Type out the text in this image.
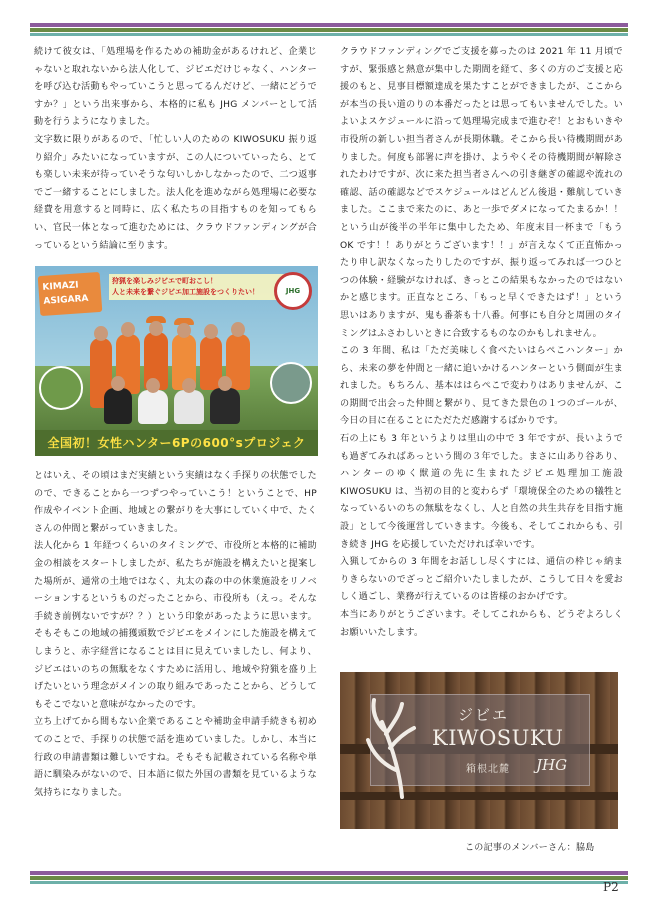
続けて彼女は、「処理場を作るための補助金があるけれど、企業じゃないと取れないから法人化して、ジビエだけじゃなく、ハンターを呼び込む活動もやっていこうと思ってるんだけど、一緒にどうですか？」という出来事から、本格的に私も JHG メンバーとして活動を行うようになりました。

文字数に限りがあるので、「忙しい人のための KIWOSUKU 振り返り紹介」みたいになっていますが、この人についていったら、とても楽しい未来が待っていそうな匂いしかしなかったので、二つ返事でご一緒することにしました。法人化を進めながら処理場に必要な経費を用意すると同時に、広く私たちの目指すものを知ってもらい、官民一体となって進むためには、クラウドファンディングが合っているという結論に至ります。

KIMAZI
ASIGARA
狩猟を楽しみジビエで町おこし！
人と未来を繋ぐジビエ加工施設をつくりたい！	JHG
全国初！女性ハンター6Pの600°sプロジェク

とはいえ、その頃はまだ実績という実績はなく手探りの状態でしたので、できることから一つずつやっていこう！ということで、HP 作成やイベント企画、地域との繋がりを大事にしていく中で、たくさんの仲間と繋がっていきました。

法人化から 1 年経つくらいのタイミングで、市役所と本格的に補助金の相談をスタートしましたが、私たちが施設を構えたいと提案した場所が、通常の土地ではなく、丸太の森の中の休業施設をリノベーションするというものだったことから、市役所も（えっ。そんな手続き前例ないですが？？）という印象があったように思います。そもそもこの地域の捕獲頭数でジビエをメインにした施設を構えてしまうと、赤字経営になることは目に見えていましたし、何より、ジビエはいのちの無駄をなくすために活用し、地域や狩猟を盛り上げたいという理念がメインの取り組みであったことから、どうしてもそこでないと意味がなかったのです。

立ち上げてから間もない企業であることや補助金申請手続きも初めてのことで、手探りの状態で話を進めていました。しかし、本当に行政の申請書類は難しいですね。そもそも記載されている名称や単語に馴染みがないので、日本語に似た外国の書類を見ているような気持ちになりました。

クラウドファンディングでご支援を募ったのは 2021 年 11 月頃ですが、緊張感と熱意が集中した期間を経て、多くの方のご支援と応援のもと、見事目標額達成を果たすことができましたが、ここからが本当の長い道のりの本番だったとは思ってもいませんでした。いよいよスケジュールに沿って処理場完成まで進むぞ！とおもいきや市役所の新しい担当者さんが長期休職。そこから長い待機期間がありました。何度も部署に声を掛け、ようやくその待機期間が解除されたわけですが、次に来た担当者さんへの引き継ぎの確認や流れの確認、話の確認などでスケジュールはどんどん後退・難航していきました。ここまで来たのに、あと一歩でダメになってたまるか！！という山が後半の半年に集中したため、年度末目一杯まで「もう OK です！！ありがとうございます！！」が言えなくて正直怖かったり申し訳なくなったりしたのですが、振り返ってみれば一つひとつの体験・経験がなければ、きっとこの結果もなかったのではないかと感じます。正直なところ、「もっと早くできたはず！」という思いはありますが、鬼も番茶も十八番。何事にも自分と周囲のタイミングはふさわしいときに合致するものなのかもしれません。

この 3 年間、私は「ただ美味しく食べたいはらぺこハンター」から、未来の夢を仲間と一緒に追いかけるハンターという側面が生まれました。もちろん、基本ははらぺこで変わりはありませんが、この期間で出会った仲間と繋がり、見てきた景色の１つのゴールが、今日の目に在ることにただただ感謝するばかりです。

石の上にも 3 年というよりは里山の中で 3 年ですが、長いようでも過ぎてみればあっという間の３年でした。まさに山あり谷あり、ハンターのゆく獣道の先に生まれたジビエ処理加工施設 KIWOSUKU は、当初の目的と変わらず「環境保全のための犠牲となっているいのちの無駄をなくし、人と自然の共生共存を目指す施設」として今後運営していきます。今後も、そしてこれからも、引き続き JHG を応援していただければ幸いです。

入猟してからの 3 年間をお話しし尽くすには、通信の枠じゃ納まりきらないのでざっとご紹介いたしましたが、こうして日々を愛おしく過ごし、業務が行えているのは皆様のおかげです。

本当にありがとうございます。そしてこれからも、どうぞよろしくお願いいたします。

ジビエ
KIWOSUKU
箱根北麓 JHG
この記事のメンバーさん：脇島
P2
